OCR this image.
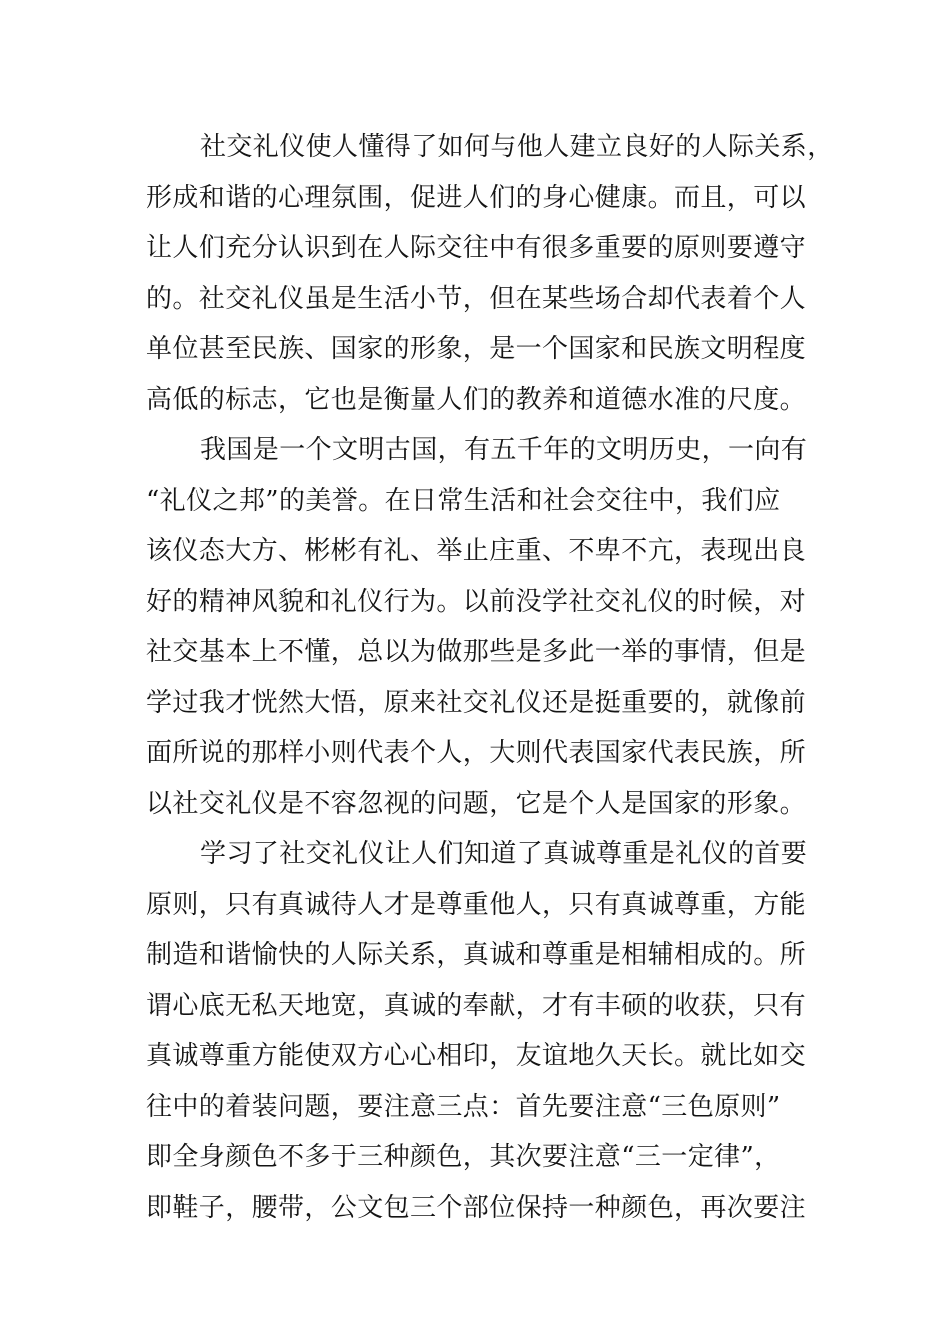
社交礼仪使人懂得了如何与他人建立良好的人际关系，
形成和谐的心理氛围，促进人们的身心健康。而且，可以
让人们充分认识到在人际交往中有很多重要的原则要遵守
的。社交礼仪虽是生活小节，但在某些场合却代表着个人
单位甚至民族、国家的形象，是一个国家和民族文明程度
高低的标志，它也是衡量人们的教养和道德水准的尺度。

我国是一个文明古国，有五千年的文明历史，一向有
“礼仪之邦”的美誉。在日常生活和社会交往中，我们应
该仪态大方、彬彬有礼、举止庄重、不卑不亢，表现出良
好的精神风貌和礼仪行为。以前没学社交礼仪的时候，对
社交基本上不懂，总以为做那些是多此一举的事情，但是
学过我才恍然大悟，原来社交礼仪还是挺重要的，就像前
面所说的那样小则代表个人，大则代表国家代表民族，所
以社交礼仪是不容忽视的问题，它是个人是国家的形象。

学习了社交礼仪让人们知道了真诚尊重是礼仪的首要
原则，只有真诚待人才是尊重他人，只有真诚尊重，方能
制造和谐愉快的人际关系，真诚和尊重是相辅相成的。所
谓心底无私天地宽，真诚的奉献，才有丰硕的收获，只有
真诚尊重方能使双方心心相印，友谊地久天长。就比如交
往中的着装问题，要注意三点：首先要注意“三色原则”
即全身颜色不多于三种颜色，其次要注意“三一定律”，
即鞋子，腰带，公文包三个部位保持一种颜色，再次要注
